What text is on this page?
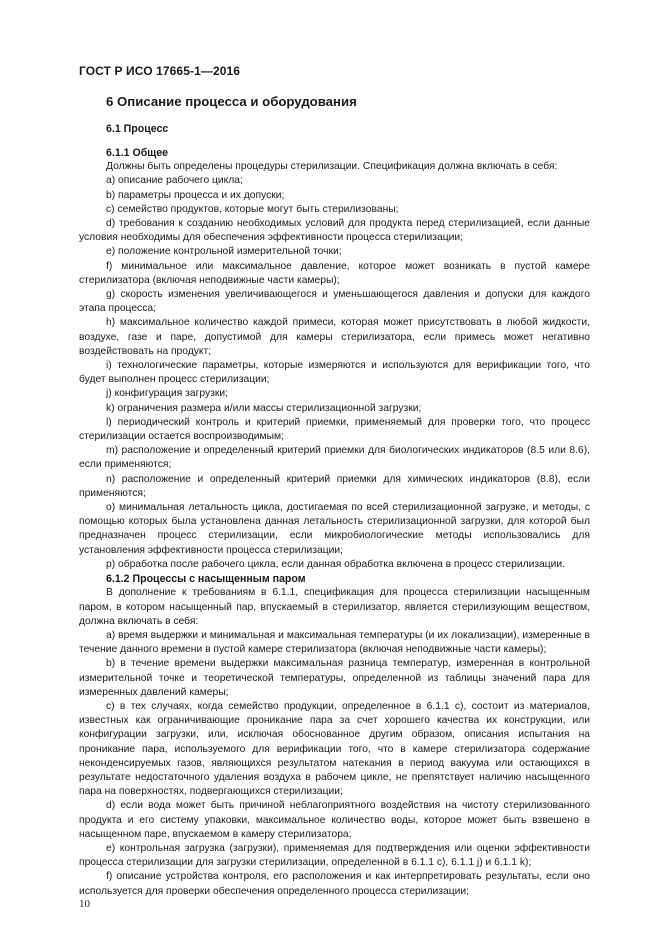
ГОСТ Р ИСО 17665-1—2016
6 Описание процесса и оборудования
6.1 Процесс
6.1.1 Общее

Должны быть определены процедуры стерилизации. Спецификация должна включать в себя:

а) описание рабочего цикла;

b) параметры процесса и их допуски;

c) семейство продуктов, которые могут быть стерилизованы;

d) требования к созданию необходимых условий для продукта перед стерилизацией, если данные условия необходимы для обеспечения эффективности процесса стерилизации;

e) положение контрольной измерительной точки;

f) минимальное или максимальное давление, которое может возникать в пустой камере стерилизатора (включая неподвижные части камеры);

g) скорость изменения увеличивающегося и уменьшающегося давления и допуски для каждого этапа процесса;

h) максимальное количество каждой примеси, которая может присутствовать в любой жидкости, воздухе, газе и паре, допустимой для камеры стерилизатора, если примесь может негативно воздействовать на продукт;

i) технологические параметры, которые измеряются и используются для верификации того, что будет выполнен процесс стерилизации;

j) конфигурация загрузки;

k) ограничения размера и/или массы стерилизационной загрузки;

l) периодический контроль и критерий приемки, применяемый для проверки того, что процесс стерилизации остается воспроизводимым;

m) расположение и определенный критерий приемки для биологических индикаторов (8.5 или 8.6), если применяются;

n) расположение и определенный критерий приемки для химических индикаторов (8.8), если применяются;

o) минимальная летальность цикла, достигаемая по всей стерилизационной загрузке, и методы, с помощью которых была установлена данная летальность стерилизационной загрузки, для которой был предназначен процесс стерилизации, если микробиологические методы использовались для установления эффективности процесса стерилизации;

p) обработка после рабочего цикла, если данная обработка включена в процесс стерилизации.

6.1.2 Процессы с насыщенным паром

В дополнение к требованиям в 6.1.1, спецификация для процесса стерилизации насыщенным паром, в котором насыщенный пар, впускаемый в стерилизатор, является стерилизующим веществом, должна включать в себя:

а) время выдержки и минимальная и максимальная температуры (и их локализации), измеренные в течение данного времени в пустой камере стерилизатора (включая неподвижные части камеры);

b) в течение времени выдержки максимальная разница температур, измеренная в контрольной измерительной точке и теоретической температуры, определенной из таблицы значений пара для измеренных давлений камеры;

c) в тех случаях, когда семейство продукции, определенное в 6.1.1 с), состоит из материалов, известных как ограничивающие проникание пара за счет хорошего качества их конструкции, или конфигурации загрузки, или, исключая обоснованное другим образом, описания испытания на проникание пара, используемого для верификации того, что в камере стерилизатора содержание неконденсируемых газов, являющихся результатом натекания в период вакуума или остающихся в результате недостаточного удаления воздуха в рабочем цикле, не препятствует наличию насыщенного пара на поверхностях, подвергающихся стерилизации;

d) если вода может быть причиной неблагоприятного воздействия на чистоту стерилизованного продукта и его систему упаковки, максимальное количество воды, которое может быть взвешено в насыщенном паре, впускаемом в камеру стерилизатора;

e) контрольная загрузка (загрузки), применяемая для подтверждения или оценки эффективности процесса стерилизации для загрузки стерилизации, определенной в 6.1.1 с), 6.1.1 j) и 6.1.1 k);

f) описание устройства контроля, его расположения и как интерпретировать результаты, если оно используется для проверки обеспечения определенного процесса стерилизации;

10
